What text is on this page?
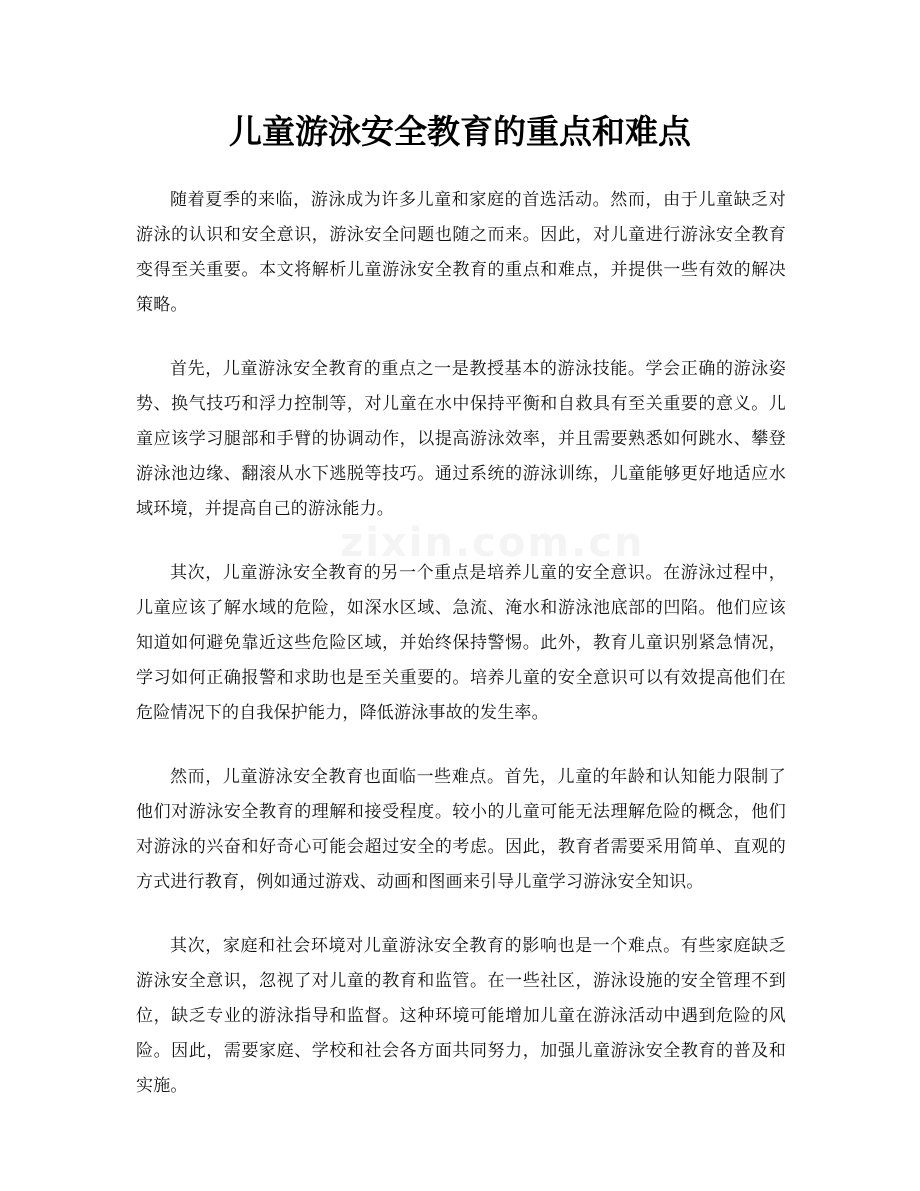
儿童游泳安全教育的重点和难点

随着夏季的来临，游泳成为许多儿童和家庭的首选活动。然而，由于儿童缺乏对游泳的认识和安全意识，游泳安全问题也随之而来。因此，对儿童进行游泳安全教育变得至关重要。本文将解析儿童游泳安全教育的重点和难点，并提供一些有效的解决策略。

首先，儿童游泳安全教育的重点之一是教授基本的游泳技能。学会正确的游泳姿势、换气技巧和浮力控制等，对儿童在水中保持平衡和自救具有至关重要的意义。儿童应该学习腿部和手臂的协调动作，以提高游泳效率，并且需要熟悉如何跳水、攀登游泳池边缘、翻滚从水下逃脱等技巧。通过系统的游泳训练，儿童能够更好地适应水域环境，并提高自己的游泳能力。

其次，儿童游泳安全教育的另一个重点是培养儿童的安全意识。在游泳过程中，儿童应该了解水域的危险，如深水区域、急流、淹水和游泳池底部的凹陷。他们应该知道如何避免靠近这些危险区域，并始终保持警惕。此外，教育儿童识别紧急情况，学习如何正确报警和求助也是至关重要的。培养儿童的安全意识可以有效提高他们在危险情况下的自我保护能力，降低游泳事故的发生率。

然而，儿童游泳安全教育也面临一些难点。首先，儿童的年龄和认知能力限制了他们对游泳安全教育的理解和接受程度。较小的儿童可能无法理解危险的概念，他们对游泳的兴奋和好奇心可能会超过安全的考虑。因此，教育者需要采用简单、直观的方式进行教育，例如通过游戏、动画和图画来引导儿童学习游泳安全知识。

其次，家庭和社会环境对儿童游泳安全教育的影响也是一个难点。有些家庭缺乏游泳安全意识，忽视了对儿童的教育和监管。在一些社区，游泳设施的安全管理不到位，缺乏专业的游泳指导和监督。这种环境可能增加儿童在游泳活动中遇到危险的风险。因此，需要家庭、学校和社会各方面共同努力，加强儿童游泳安全教育的普及和实施。
